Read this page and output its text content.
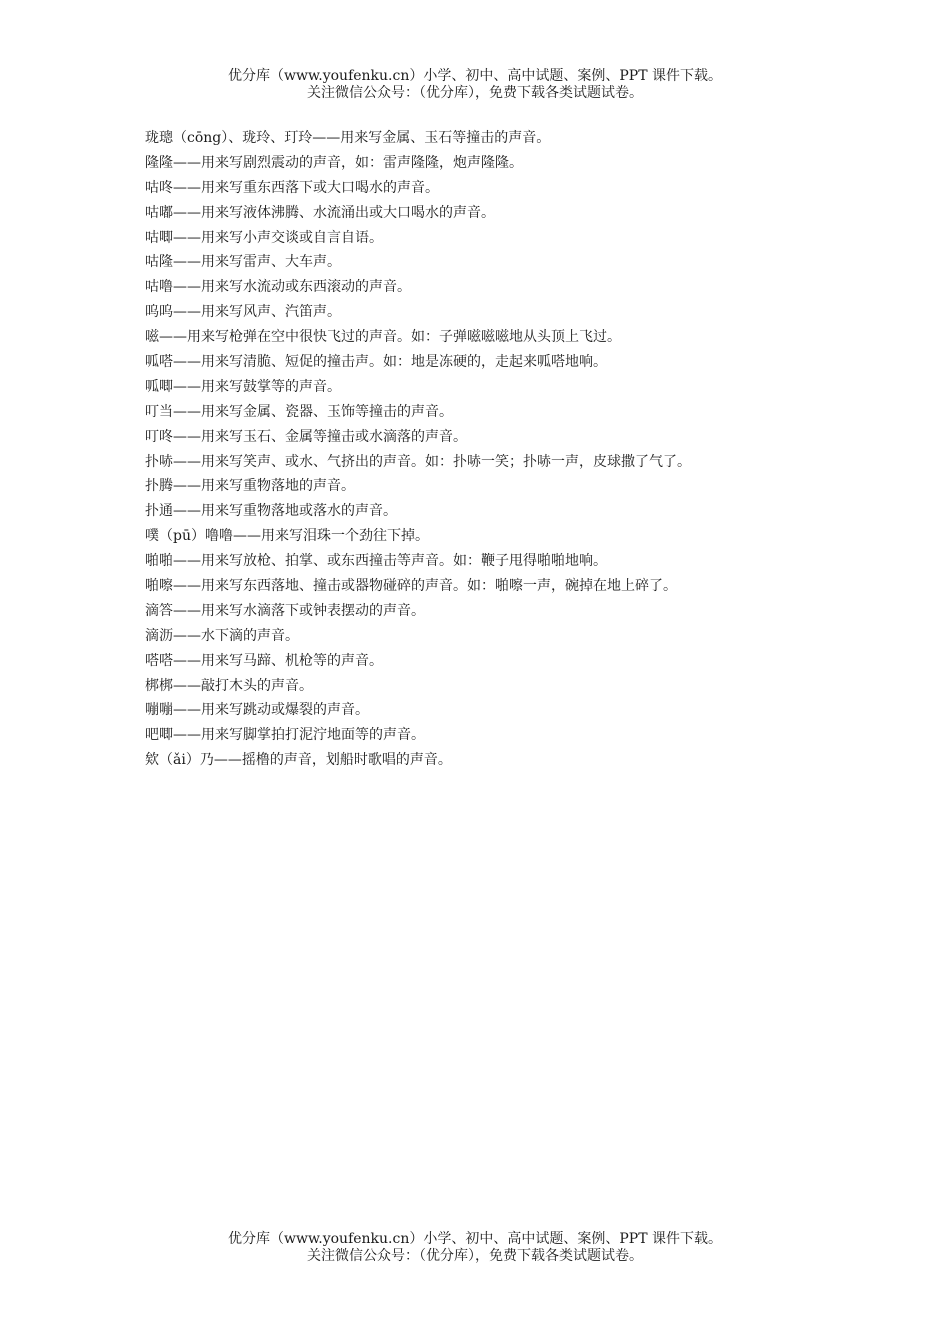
优分库（www.youfenku.cn）小学、初中、高中试题、案例、PPT 课件下载。
关注微信公众号：（优分库），免费下载各类试题试卷。
珑璁（cōng）、珑玲、玎玲——用来写金属、玉石等撞击的声音。
隆隆——用来写剧烈震动的声音，如：雷声隆隆，炮声隆隆。
咕咚——用来写重东西落下或大口喝水的声音。
咕嘟——用来写液体沸腾、水流涌出或大口喝水的声音。
咕唧——用来写小声交谈或自言自语。
咕隆——用来写雷声、大车声。
咕噜——用来写水流动或东西滚动的声音。
呜呜——用来写风声、汽笛声。
嗞——用来写枪弹在空中很快飞过的声音。如：子弹嗞嗞嗞地从头顶上飞过。
呱嗒——用来写清脆、短促的撞击声。如：地是冻硬的，走起来呱嗒地响。
呱唧——用来写鼓掌等的声音。
叮当——用来写金属、瓷器、玉饰等撞击的声音。
叮咚——用来写玉石、金属等撞击或水滴落的声音。
扑哧——用来写笑声、或水、气挤出的声音。如：扑哧一笑；扑哧一声，皮球撒了气了。
扑腾——用来写重物落地的声音。
扑通——用来写重物落地或落水的声音。
噗（pū）噜噜——用来写泪珠一个劲往下掉。
啪啪——用来写放枪、拍掌、或东西撞击等声音。如：鞭子甩得啪啪地响。
啪嚓——用来写东西落地、撞击或器物碰碎的声音。如：啪嚓一声，碗掉在地上碎了。
滴答——用来写水滴落下或钟表摆动的声音。
滴沥——水下滴的声音。
嗒嗒——用来写马蹄、机枪等的声音。
梆梆——敲打木头的声音。
嘣嘣——用来写跳动或爆裂的声音。
吧唧——用来写脚掌拍打泥泞地面等的声音。
欸（ǎi）乃——摇橹的声音，划船时歌唱的声音。
优分库（www.youfenku.cn）小学、初中、高中试题、案例、PPT 课件下载。
关注微信公众号：（优分库），免费下载各类试题试卷。
